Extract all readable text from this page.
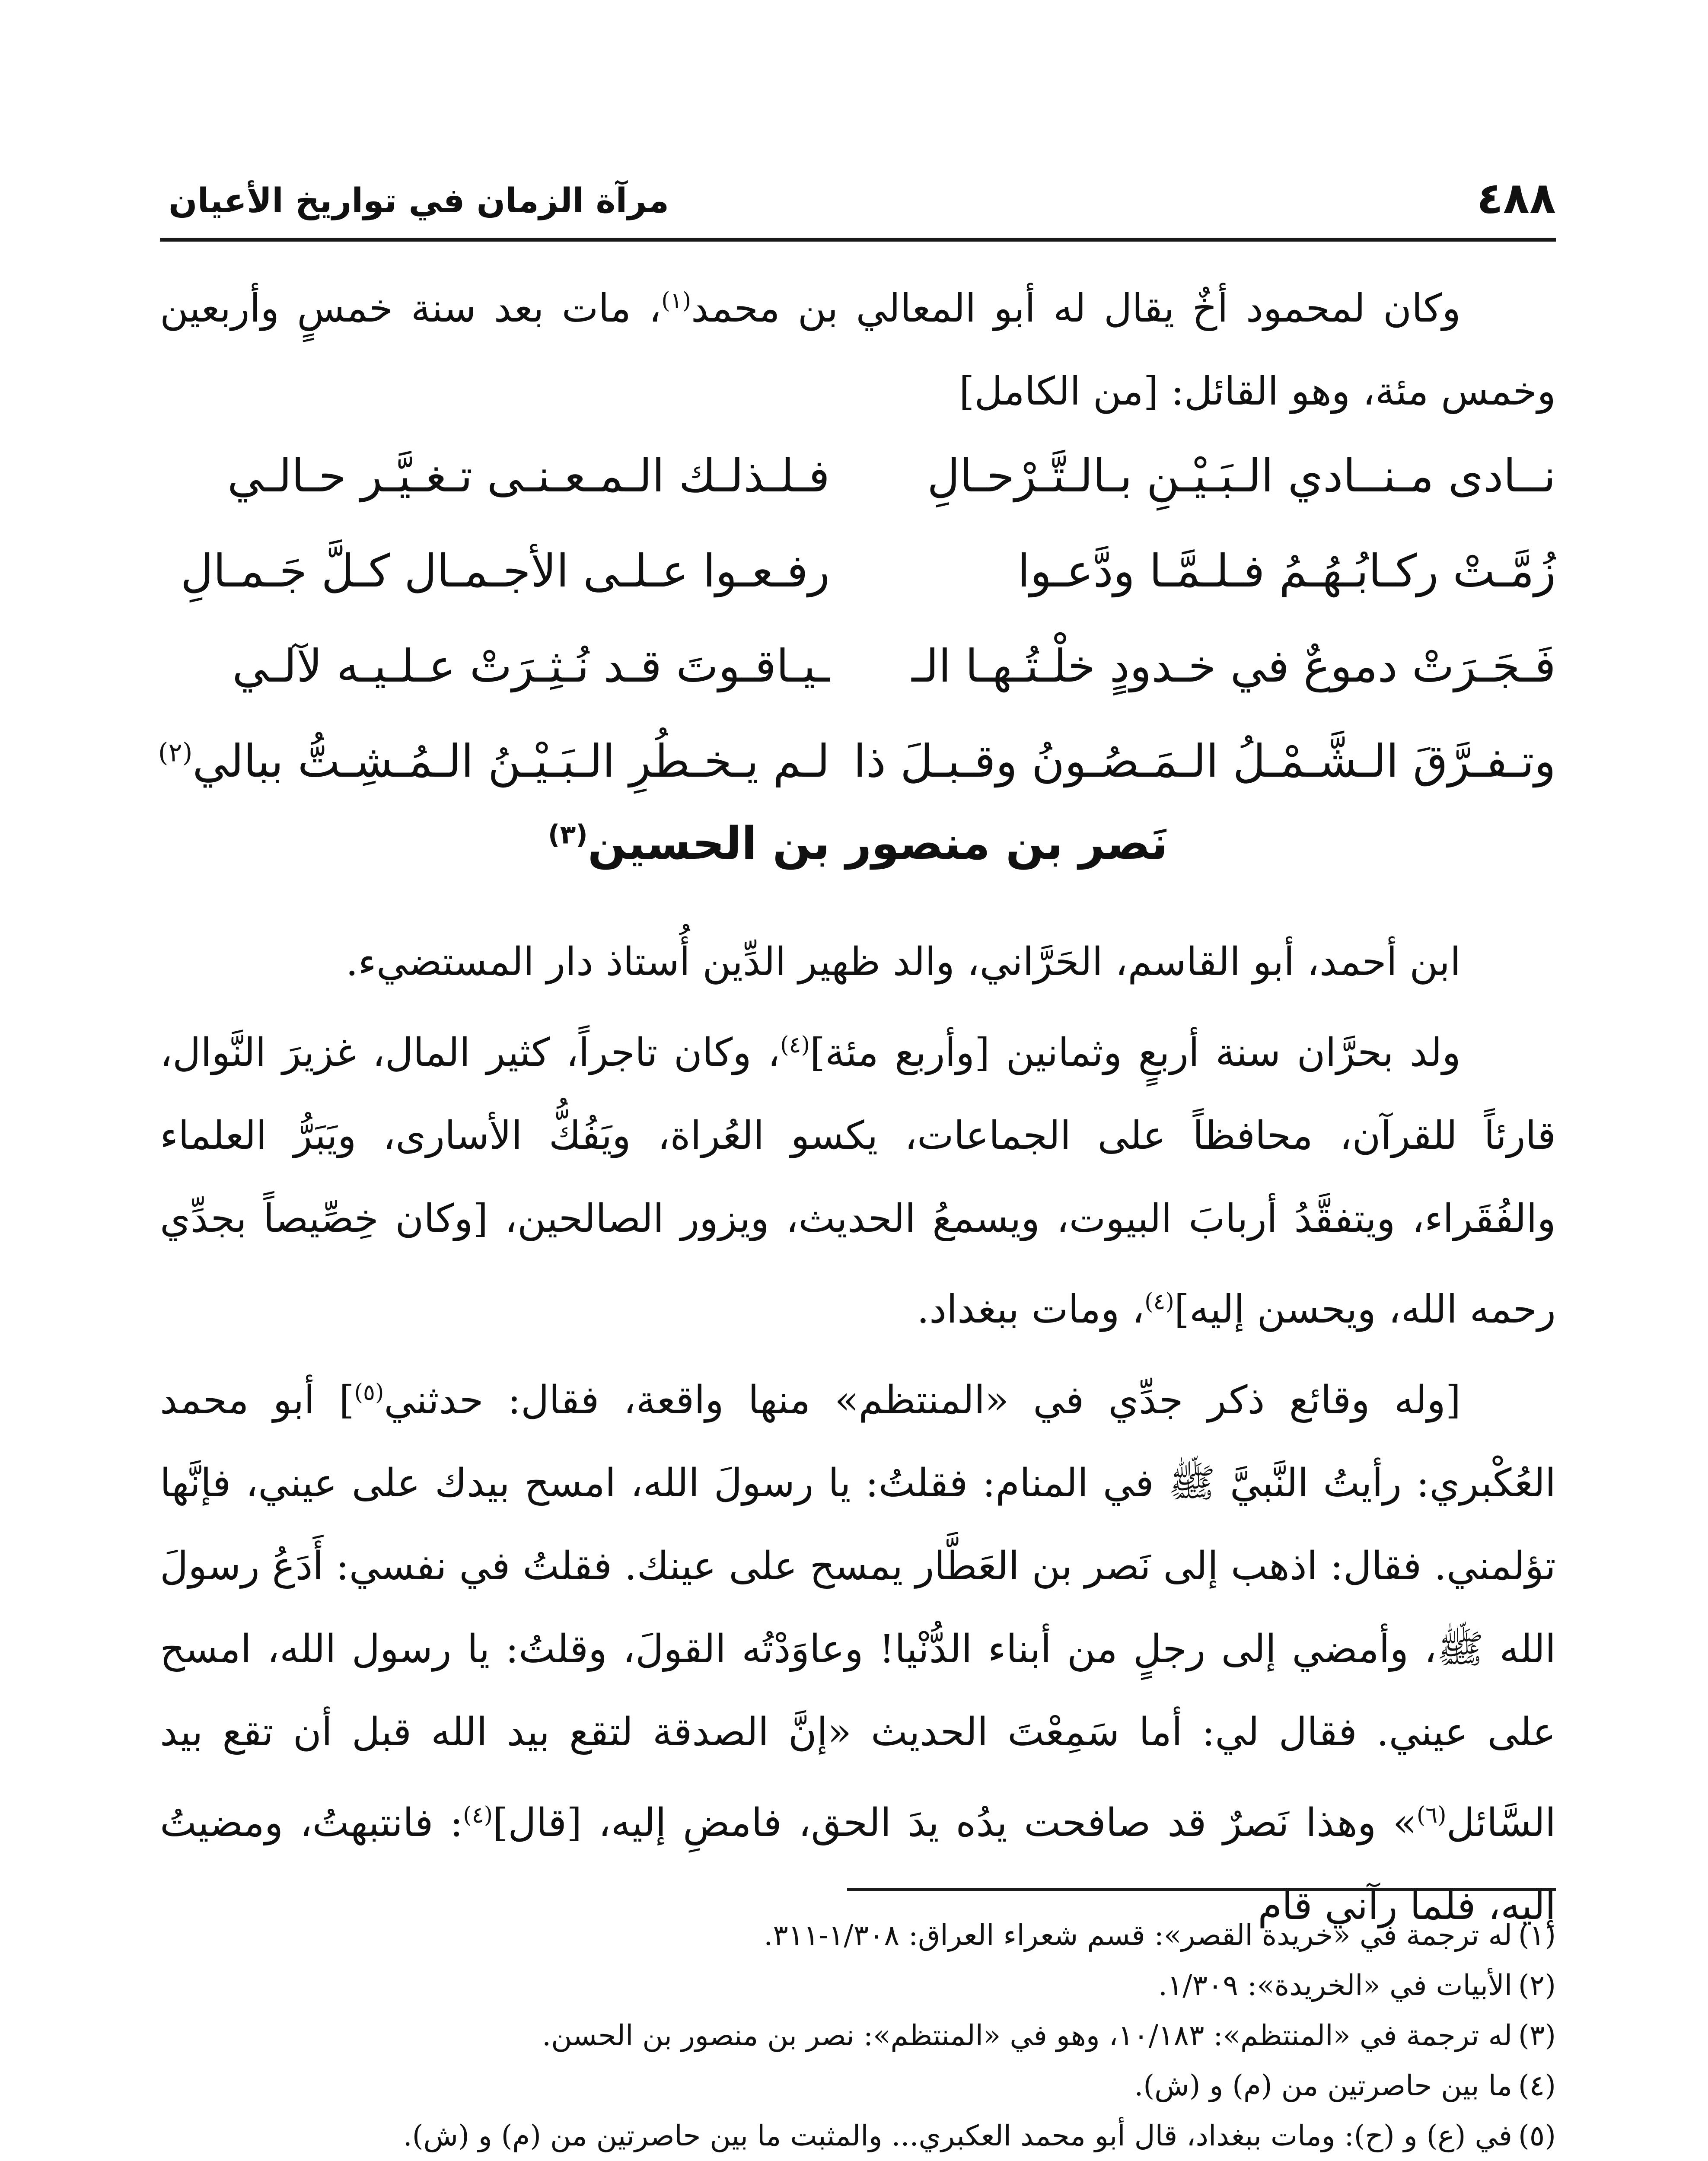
٤٨٨
مرآة الزمان في تواريخ الأعيان
وكان لمحمود أخٌ يقال له أبو المعالي بن محمد$^{(١)}$، مات بعد سنة خمسٍ وأربعين وخمس مئة، وهو القائل: [من الكامل]
نــادى مـنــادي الـبَـيْـنِ بـالـتَّـرْحـالِ
فـلـذلـك الـمـعـنـى تـغـيَّـر حـالـي
زُمَّـتْ ركـابُـهُـمُ فـلـمَّـا ودَّعـوا
رفـعـوا عـلـى الأجـمـال كـلَّ جَـمـالِ
فَـجَـرَتْ دموعٌ في خـدودٍ خلْـتُـهـا الـ
ـيـاقـوتَ قـد نُـثِـرَتْ عـلـيـه لآلـي
وتـفـرَّقَ الـشَّـمْـلُ الـمَـصُـونُ وقـبـلَ ذا
لـم يـخـطُرِ الـبَـيْـنُ الـمُـشِـتُّ ببالي$^{(٢)}$
نَصر بن منصور بن الحسين$^{(٣)}$
ابن أحمد، أبو القاسم، الحَرَّاني، والد ظهير الدِّين أُستاذ دار المستضيء.
ولد بحرَّان سنة أربعٍ وثمانين [وأربع مئة]$^{(٤)}$، وكان تاجراً، كثير المال، غزيرَ النَّوال، قارئاً للقرآن، محافظاً على الجماعات، يكسو العُراة، ويَفُكُّ الأسارى، ويَبَرُّ العلماء والفُقَراء، ويتفقَّدُ أربابَ البيوت، ويسمعُ الحديث، ويزور الصالحين، [وكان خِصِّيصاً بجدِّي رحمه الله، ويحسن إليه]$^{(٤)}$، ومات ببغداد.
[وله وقائع ذكر جدِّي في «المنتظم» منها واقعة، فقال: حدثني$^{(٥)}$] أبو محمد العُكْبري: رأيتُ النَّبيَّ ﷺ في المنام: فقلتُ: يا رسولَ الله، امسح بيدك على عيني، فإنَّها تؤلمني. فقال: اذهب إلى نَصر بن العَطَّار يمسح على عينك. فقلتُ في نفسي: أَدَعُ رسولَ الله ﷺ، وأمضي إلى رجلٍ من أبناء الدُّنْيا! وعاوَدْتُه القولَ، وقلتُ: يا رسول الله، امسح على عيني. فقال لي: أما سَمِعْتَ الحديث «إنَّ الصدقة لتقع بيد الله قبل أن تقع بيد السَّائل$^{(٦)}$» وهذا نَصرٌ قد صافحت يدُه يدَ الحق، فامضِ إليه، [قال]$^{(٤)}$: فانتبهتُ، ومضيتُ إليه، فلما رآني قام
(١)له ترجمة في «خريدة القصر»: قسم شعراء العراق: ١/٣٠٨-٣١١.
(٢)الأبيات في «الخريدة»: ١/٣٠٩.
(٣)له ترجمة في «المنتظم»: ١٠/١٨٣، وهو في «المنتظم»: نصر بن منصور بن الحسن.
(٤)ما بين حاصرتين من (م) و (ش).
(٥)في (ع) و (ح): ومات ببغداد، قال أبو محمد العكبري... والمثبت ما بين حاصرتين من (م) و (ش).
